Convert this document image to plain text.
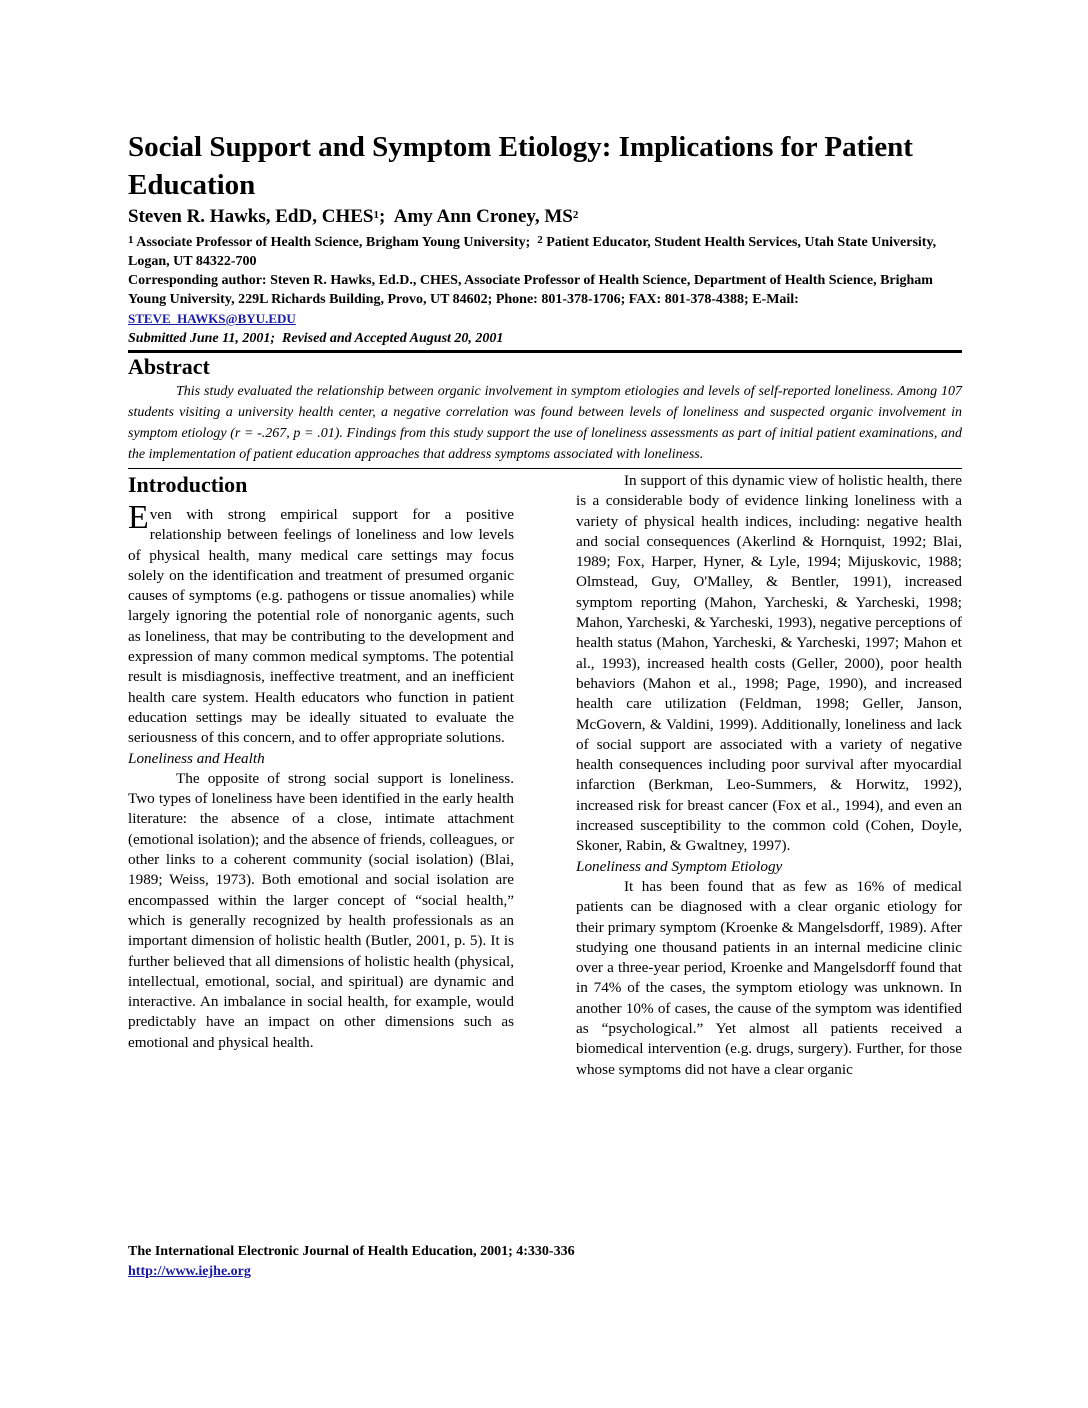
Social Support and Symptom Etiology: Implications for Patient Education
Steven R. Hawks, EdD, CHES$^1$;  Amy Ann Croney, $MS^2$
$^1$ Associate Professor of Health Science, Brigham Young University;  $^2$ Patient Educator, Student Health Services, Utah State University, Logan, UT 84322-700
Corresponding author: Steven R. Hawks, Ed.D., CHES, Associate Professor of Health Science, Department of Health Science, Brigham Young University, 229L Richards Building, Provo, UT 84602; Phone: 801-378-1706; FAX: 801-378-4388; E-Mail: STEVE_HAWKS@BYU.EDU
Submitted June 11, 2001;  Revised and Accepted August 20, 2001
Abstract

This study evaluated the relationship between organic involvement in symptom etiologies and levels of self-reported loneliness. Among 107 students visiting a university health center, a negative correlation was found between levels of loneliness and suspected organic involvement in symptom etiology (r = -.267, p = .01). Findings from this study support the use of loneliness assessments as part of initial patient examinations, and the implementation of patient education approaches that address symptoms associated with loneliness.

Introduction

Even with strong empirical support for a positive relationship between feelings of loneliness and low levels of physical health, many medical care settings may focus solely on the identification and treatment of presumed organic causes of symptoms (e.g. pathogens or tissue anomalies) while largely ignoring the potential role of nonorganic agents, such as loneliness, that may be contributing to the development and expression of many common medical symptoms. The potential result is misdiagnosis, ineffective treatment, and an inefficient health care system. Health educators who function in patient education settings may be ideally situated to evaluate the seriousness of this concern, and to offer appropriate solutions.

Loneliness and Health

The opposite of strong social support is loneliness. Two types of loneliness have been identified in the early health literature: the absence of a close, intimate attachment (emotional isolation); and the absence of friends, colleagues, or other links to a coherent community (social isolation) (Blai, 1989; Weiss, 1973). Both emotional and social isolation are encompassed within the larger concept of “social health,” which is generally recognized by health professionals as an important dimension of holistic health (Butler, 2001, p. 5). It is further believed that all dimensions of holistic health (physical, intellectual, emotional, social, and spiritual) are dynamic and interactive. An imbalance in social health, for example, would predictably have an impact on other dimensions such as emotional and physical health.

In support of this dynamic view of holistic health, there is a considerable body of evidence linking loneliness with a variety of physical health indices, including: negative health and social consequences (Akerlind & Hornquist, 1992; Blai, 1989; Fox, Harper, Hyner, & Lyle, 1994; Mijuskovic, 1988; Olmstead, Guy, O'Malley, & Bentler, 1991), increased symptom reporting (Mahon, Yarcheski, & Yarcheski, 1998; Mahon, Yarcheski, & Yarcheski, 1993), negative perceptions of health status (Mahon, Yarcheski, & Yarcheski, 1997; Mahon et al., 1993), increased health costs (Geller, 2000), poor health behaviors (Mahon et al., 1998; Page, 1990), and increased health care utilization (Feldman, 1998; Geller, Janson, McGovern, & Valdini, 1999). Additionally, loneliness and lack of social support are associated with a variety of negative health consequences including poor survival after myocardial infarction (Berkman, Leo-Summers, & Horwitz, 1992), increased risk for breast cancer (Fox et al., 1994), and even an increased susceptibility to the common cold (Cohen, Doyle, Skoner, Rabin, & Gwaltney, 1997).

Loneliness and Symptom Etiology

It has been found that as few as 16% of medical patients can be diagnosed with a clear organic etiology for their primary symptom (Kroenke & Mangelsdorff, 1989). After studying one thousand patients in an internal medicine clinic over a three-year period, Kroenke and Mangelsdorff found that in 74% of the cases, the symptom etiology was unknown. In another 10% of cases, the cause of the symptom was identified as “psychological.” Yet almost all patients received a biomedical intervention (e.g. drugs, surgery). Further, for those whose symptoms did not have a clear organic

The International Electronic Journal of Health Education, 2001; 4:330-336
http://www.iejhe.org
